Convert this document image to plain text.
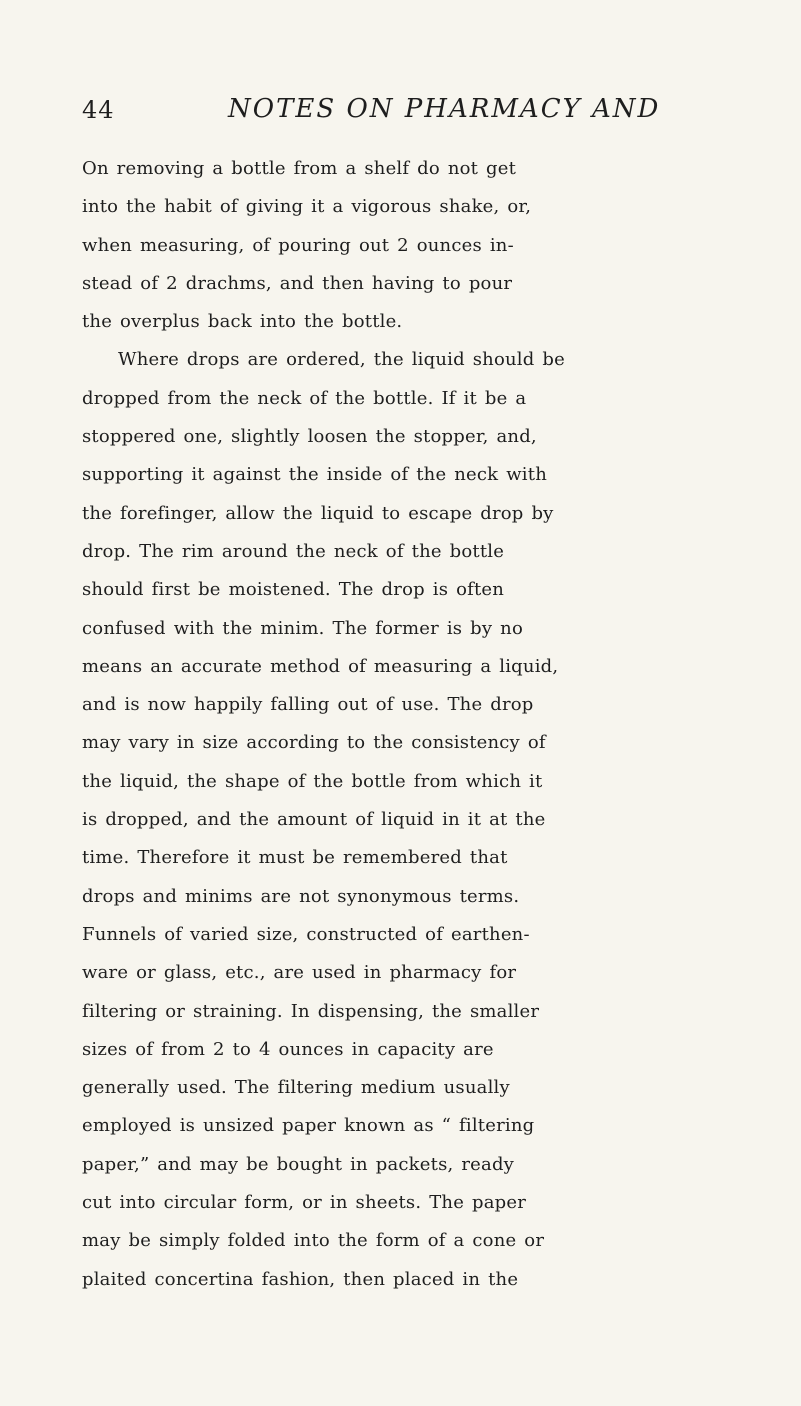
44	NOTES ON PHARMACY AND
On removing a bottle from a shelf do not get
into the habit of giving it a vigorous shake, or,
when measuring, of pouring out 2 ounces in-
stead of 2 drachms, and then having to pour
the overplus back into the bottle.
Where drops are ordered, the liquid should be
dropped from the neck of the bottle. If it be a
stoppered one, slightly loosen the stopper, and,
supporting it against the inside of the neck with
the forefinger, allow the liquid to escape drop by
drop. The rim around the neck of the bottle
should first be moistened. The drop is often
confused with the minim. The former is by no
means an accurate method of measuring a liquid,
and is now happily falling out of use. The drop
may vary in size according to the consistency of
the liquid, the shape of the bottle from which it
is dropped, and the amount of liquid in it at the
time. Therefore it must be remembered that
drops and minims are not synonymous terms.
Funnels of varied size, constructed of earthen-
ware or glass, etc., are used in pharmacy for
filtering or straining. In dispensing, the smaller
sizes of from 2 to 4 ounces in capacity are
generally used. The filtering medium usually
employed is unsized paper known as “ filtering
paper,” and may be bought in packets, ready
cut into circular form, or in sheets. The paper
may be simply folded into the form of a cone or
plaited concertina fashion, then placed in the
